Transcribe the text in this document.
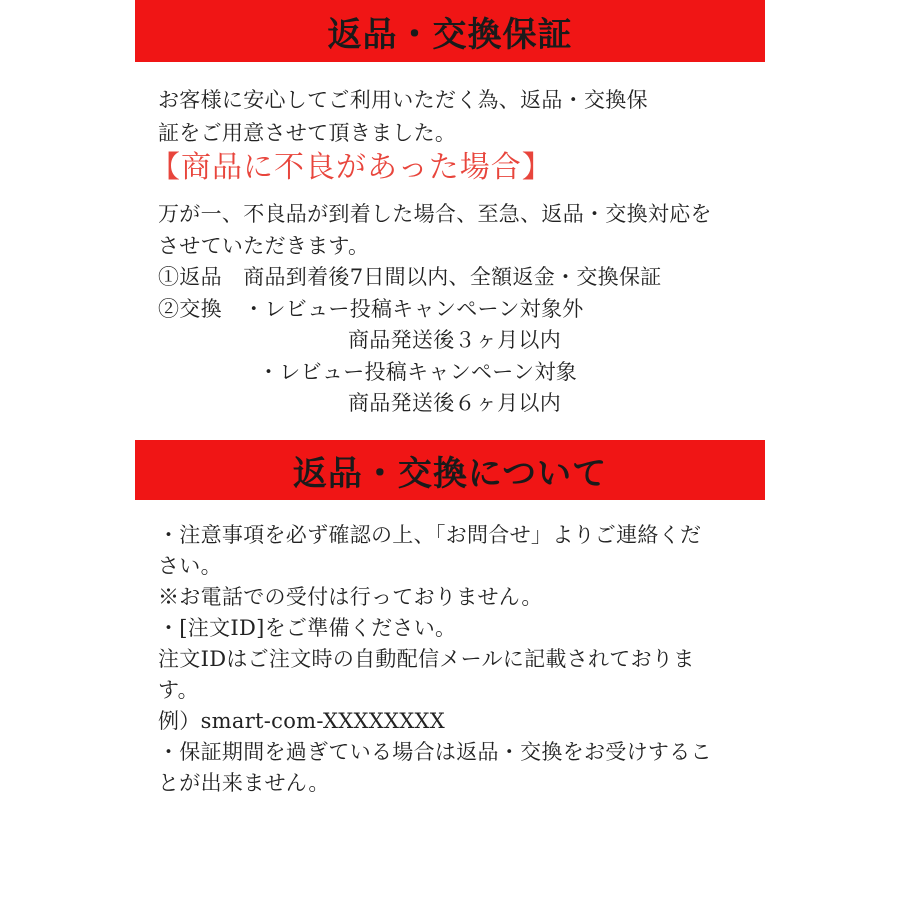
返品・交換保証
お客様に安心してご利用いただく為、返品・交換保
証をご用意させて頂きました。
【商品に不良があった場合】
万が一、不良品が到着した場合、至急、返品・交換対応を
させていただきます。
①返品　商品到着後7日間以内、全額返金・交換保証
②交換　・レビュー投稿キャンペーン対象外
商品発送後３ヶ月以内
・レビュー投稿キャンペーン対象
商品発送後６ヶ月以内
返品・交換について
・注意事項を必ず確認の上、「お問合せ」よりご連絡くだ
さい。
※お電話での受付は行っておりません。
・[注文ID]をご準備ください。
注文IDはご注文時の自動配信メールに記載されておりま
す。
例）smart-com-XXXXXXXX
・保証期間を過ぎている場合は返品・交換をお受けするこ
とが出来ません。
